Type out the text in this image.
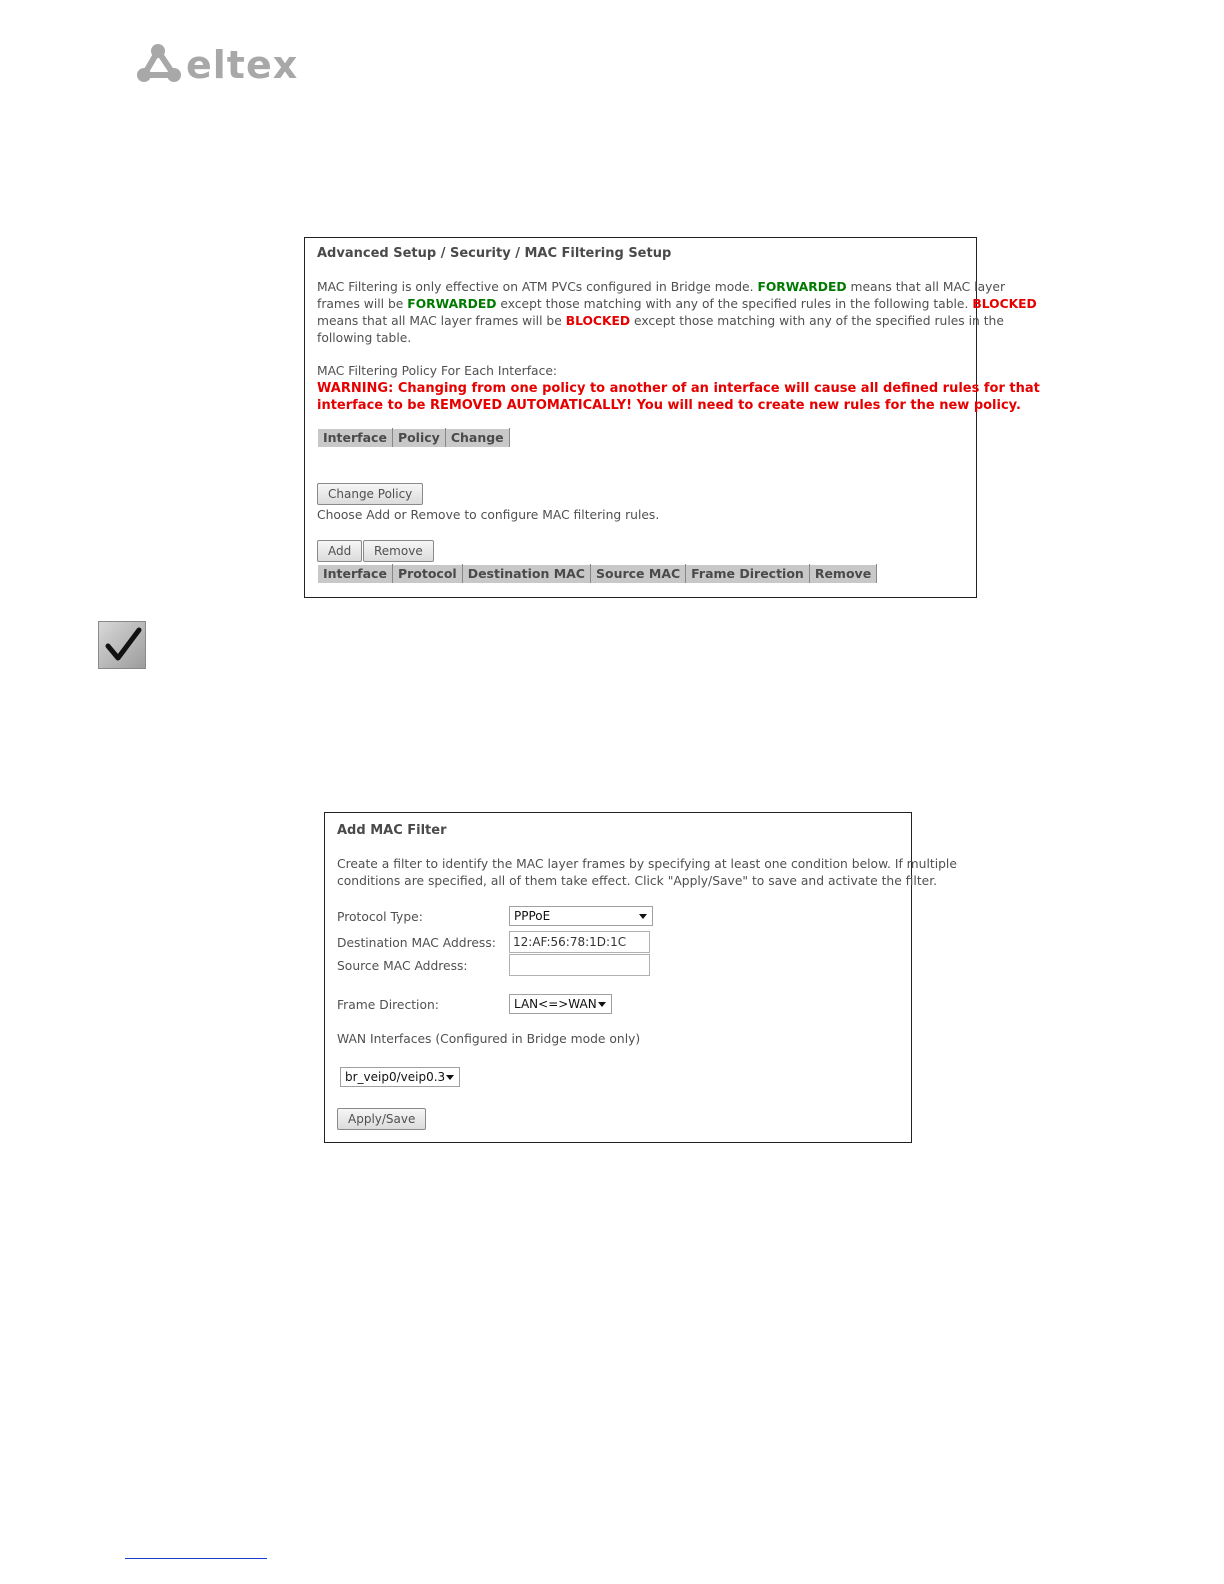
eltex
Advanced Setup / Security / MAC Filtering Setup
MAC Filtering is only effective on ATM PVCs configured in Bridge mode. FORWARDED means that all MAC layer
frames will be FORWARDED except those matching with any of the specified rules in the following table. BLOCKED
means that all MAC layer frames will be BLOCKED except those matching with any of the specified rules in the
following table.
MAC Filtering Policy For Each Interface:
WARNING: Changing from one policy to another of an interface will cause all defined rules for that
interface to be REMOVED AUTOMATICALLY! You will need to create new rules for the new policy.
Interface	Policy	Change
Change Policy
Choose Add or Remove to configure MAC filtering rules.
Add	Remove
Interface	Protocol	Destination MAC	Source MAC	Frame Direction	Remove
Add MAC Filter
Create a filter to identify the MAC layer frames by specifying at least one condition below. If multiple
conditions are specified, all of them take effect. Click "Apply/Save" to save and activate the filter.
Protocol Type:	PPPoE
Destination MAC Address:	12:AF:56:78:1D:1C
Source MAC Address:
Frame Direction:	LAN<=>WAN
WAN Interfaces (Configured in Bridge mode only)
br_veip0/veip0.3
Apply/Save
